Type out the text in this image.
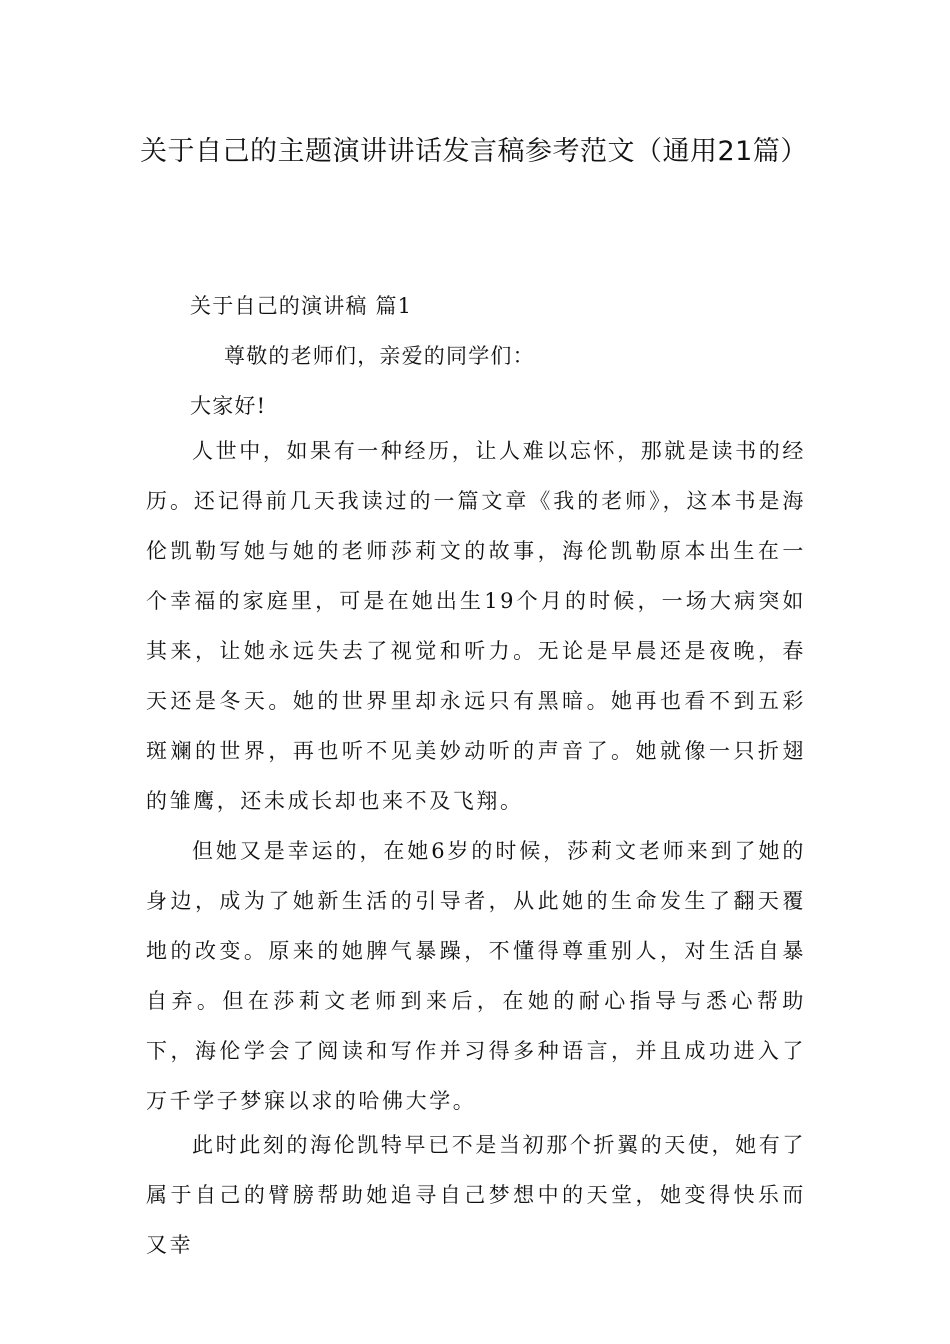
关于自己的主题演讲讲话发言稿参考范文（通用21篇）
关于自己的演讲稿 篇1
尊敬的老师们，亲爱的同学们：
大家好!
人世中，如果有一种经历，让人难以忘怀，那就是读书的经历。还记得前几天我读过的一篇文章《我的老师》，这本书是海伦凯勒写她与她的老师莎莉文的故事，海伦凯勒原本出生在一个幸福的家庭里，可是在她出生19个月的时候，一场大病突如其来，让她永远失去了视觉和听力。无论是早晨还是夜晚，春天还是冬天。她的世界里却永远只有黑暗。她再也看不到五彩斑斓的世界，再也听不见美妙动听的声音了。她就像一只折翅的雏鹰，还未成长却也来不及飞翔。
但她又是幸运的，在她6岁的时候，莎莉文老师来到了她的身边，成为了她新生活的引导者，从此她的生命发生了翻天覆地的改变。原来的她脾气暴躁，不懂得尊重别人，对生活自暴自弃。但在莎莉文老师到来后，在她的耐心指导与悉心帮助下，海伦学会了阅读和写作并习得多种语言，并且成功进入了万千学子梦寐以求的哈佛大学。
此时此刻的海伦凯特早已不是当初那个折翼的天使，她有了属于自己的臂膀帮助她追寻自己梦想中的天堂，她变得快乐而又幸
